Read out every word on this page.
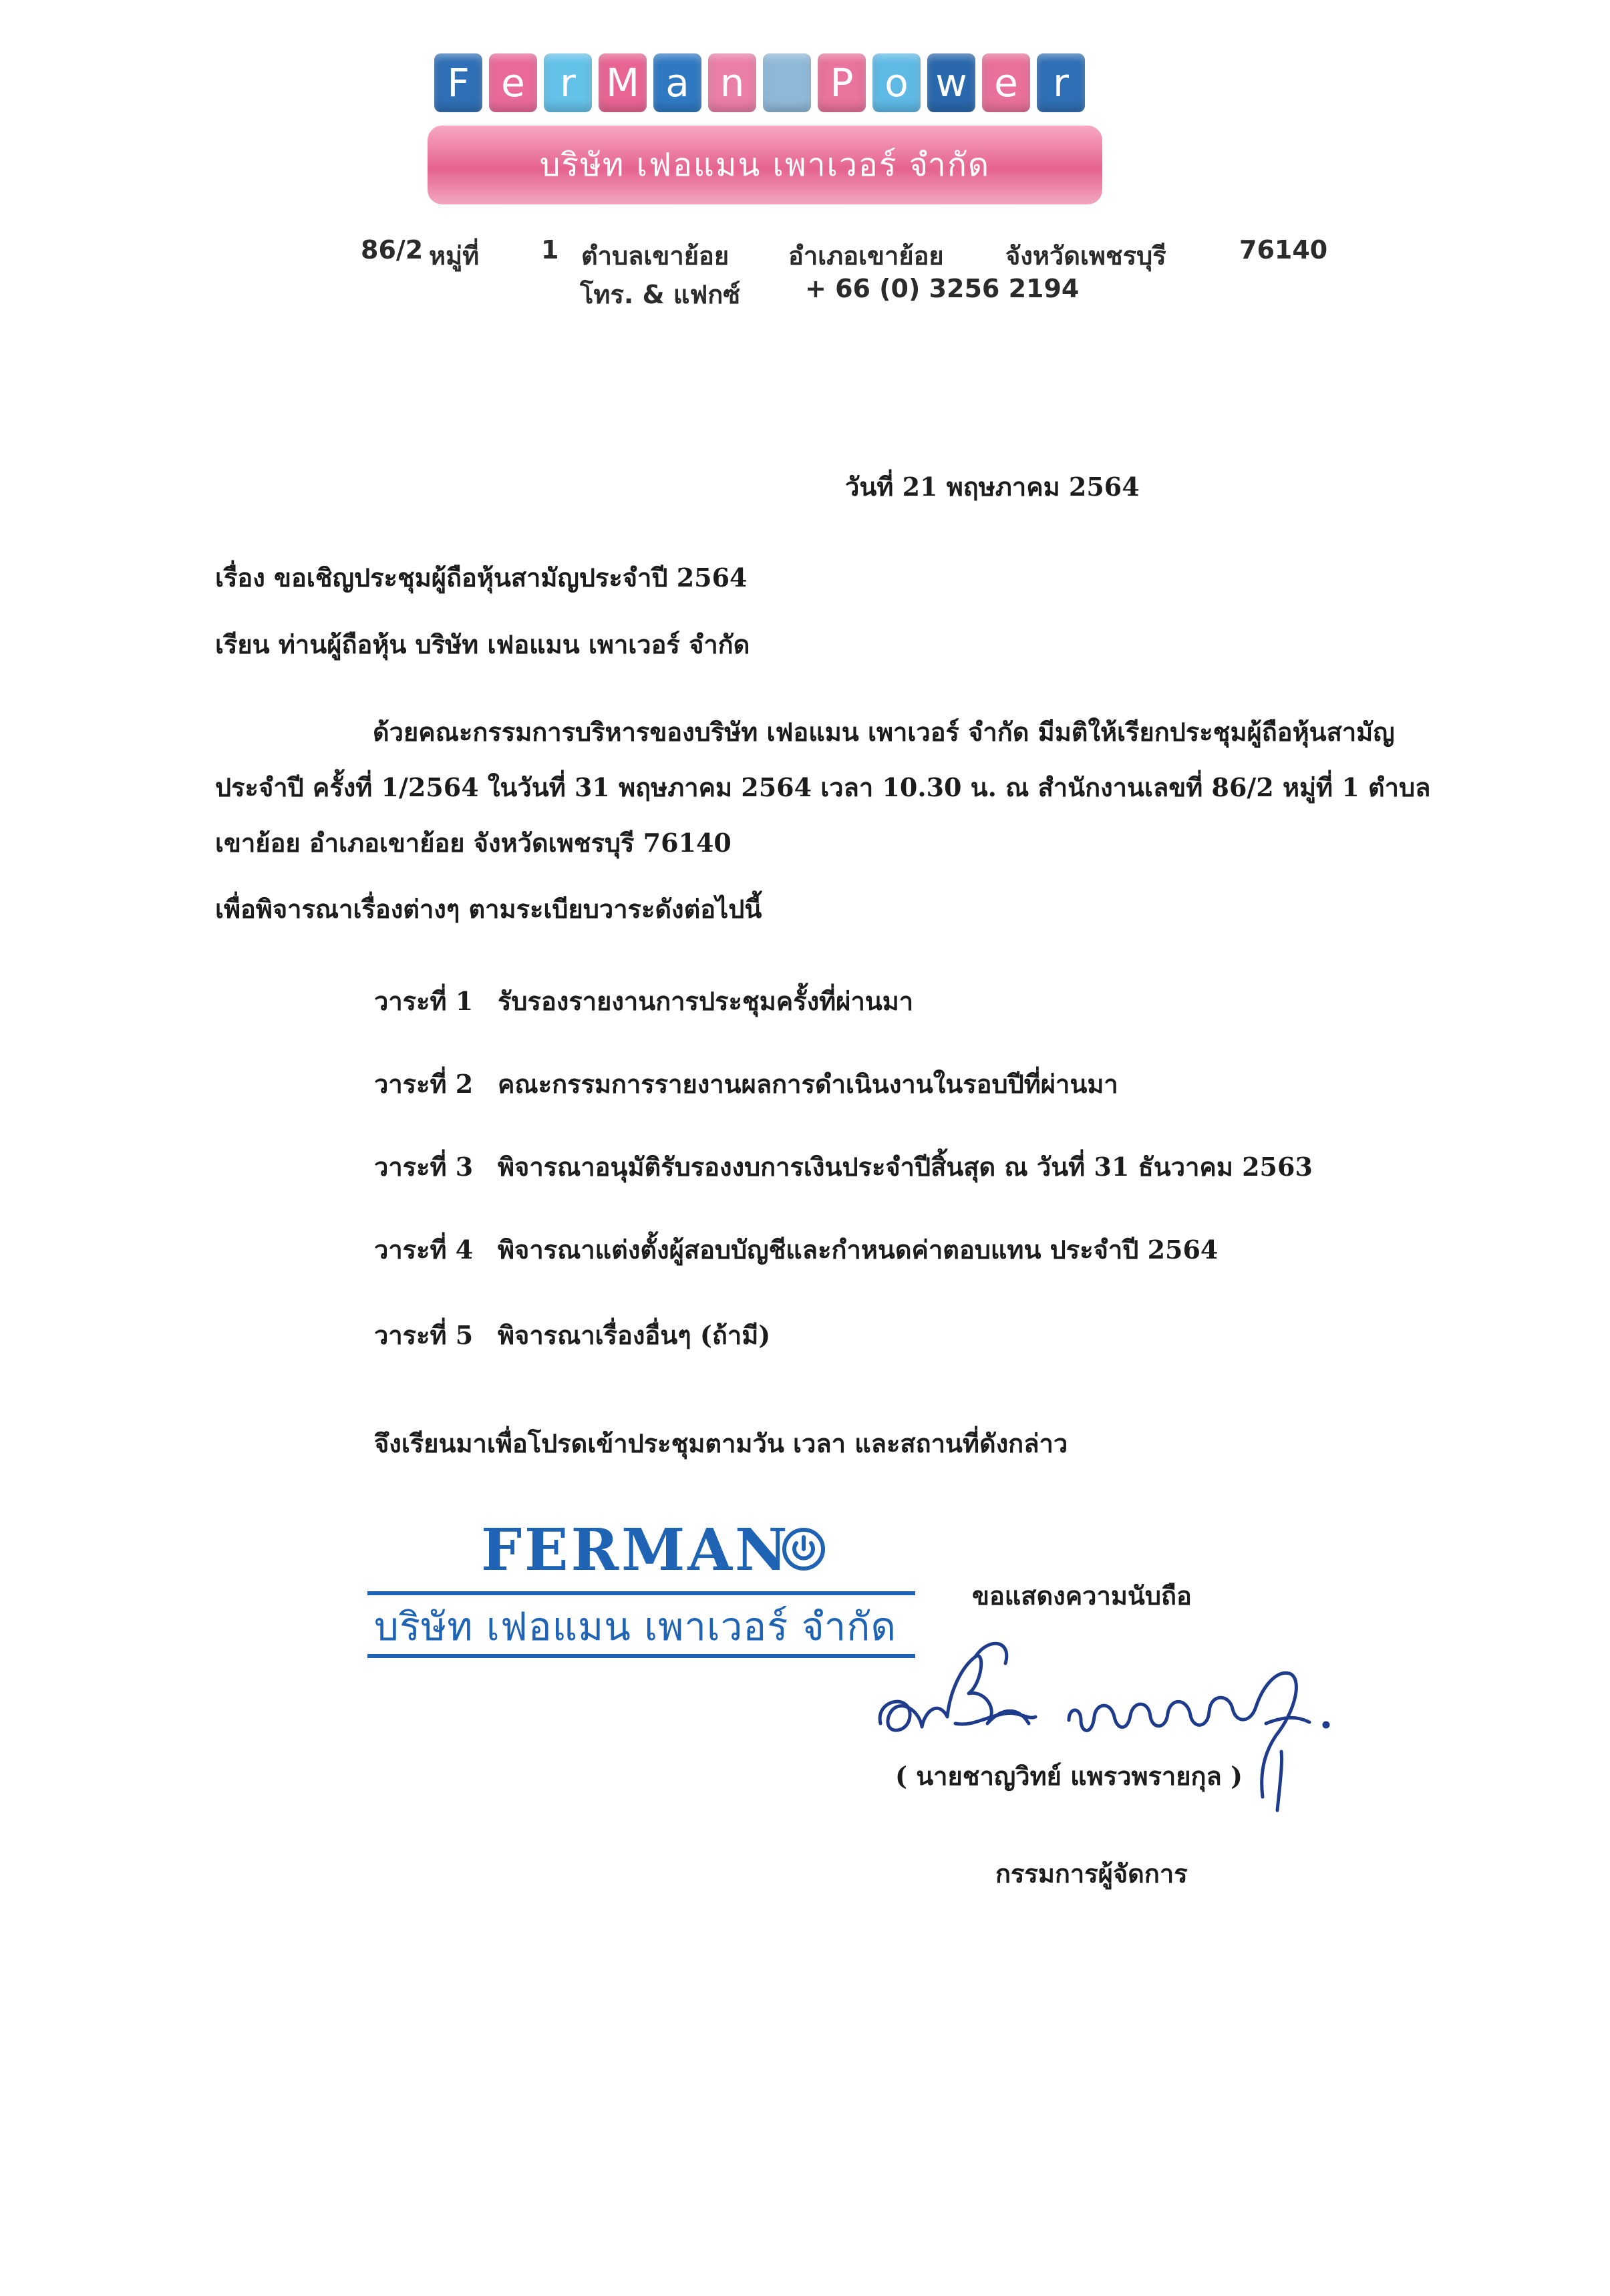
F e r M a n	P o w e r
บริษัท เฟอแมน เพาเวอร์ จำกัด
86/2 หมู่ที่ 1 ตำบลเขาย้อย อำเภอเขาย้อย จังหวัดเพชรบุรี	76140
โทร. & แฟกซ์	+ 66 (0) 3256 2194
วันที่ 21 พฤษภาคม 2564
เรื่อง ขอเชิญประชุมผู้ถือหุ้นสามัญประจำปี 2564
เรียน ท่านผู้ถือหุ้น บริษัท เฟอแมน เพาเวอร์ จำกัด
ด้วยคณะกรรมการบริหารของบริษัท เฟอแมน เพาเวอร์ จำกัด มีมติให้เรียกประชุมผู้ถือหุ้นสามัญ
ประจำปี ครั้งที่ 1/2564 ในวันที่ 31 พฤษภาคม 2564 เวลา 10.30 น. ณ สำนักงานเลขที่ 86/2 หมู่ที่ 1 ตำบล
เขาย้อย อำเภอเขาย้อย จังหวัดเพชรบุรี 76140
เพื่อพิจารณาเรื่องต่างๆ ตามระเบียบวาระดังต่อไปนี้
วาระที่ 1 รับรองรายงานการประชุมครั้งที่ผ่านมา
วาระที่ 2 คณะกรรมการรายงานผลการดำเนินงานในรอบปีที่ผ่านมา
วาระที่ 3 พิจารณาอนุมัติรับรองงบการเงินประจำปีสิ้นสุด ณ วันที่ 31 ธันวาคม 2563
วาระที่ 4 พิจารณาแต่งตั้งผู้สอบบัญชีและกำหนดค่าตอบแทน ประจำปี 2564
วาระที่ 5 พิจารณาเรื่องอื่นๆ (ถ้ามี)
จึงเรียนมาเพื่อโปรดเข้าประชุมตามวัน เวลา และสถานที่ดังกล่าว
FERMAN
บริษัท เฟอแมน เพาเวอร์ จำกัด
ขอแสดงความนับถือ
( นายชาญวิทย์ แพรวพรายกุล )
กรรมการผู้จัดการ
